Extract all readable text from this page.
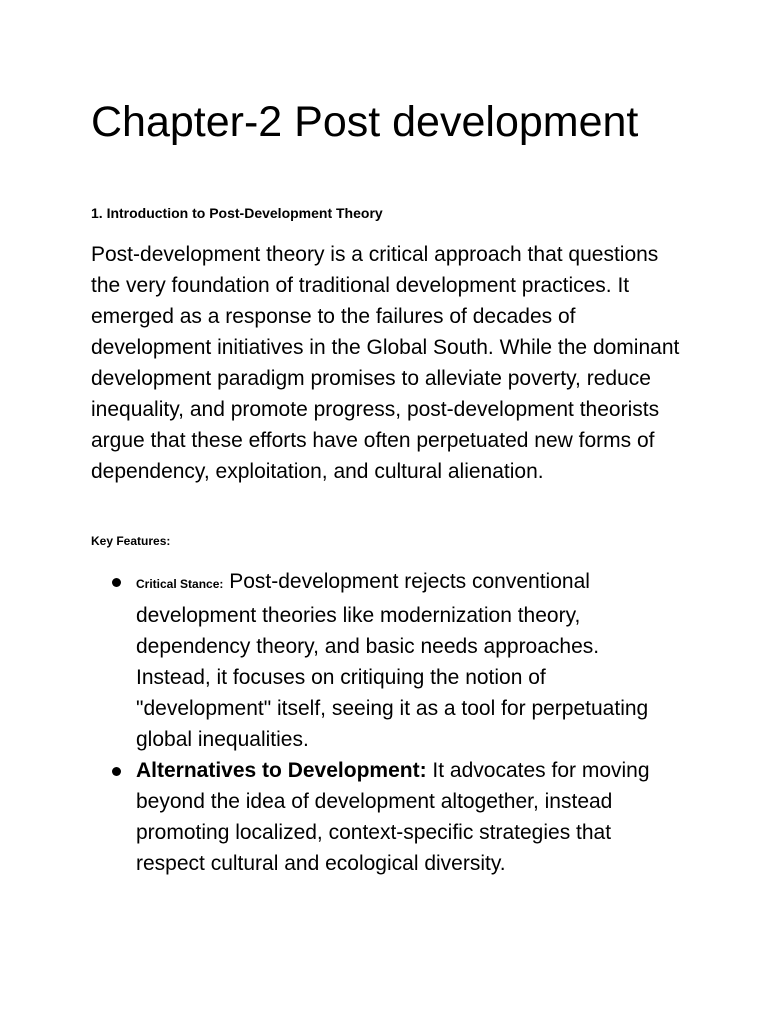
Chapter-2 Post development
1. Introduction to Post-Development Theory

Post-development theory is a critical approach that questions the very foundation of traditional development practices. It emerged as a response to the failures of decades of development initiatives in the Global South. While the dominant development paradigm promises to alleviate poverty, reduce inequality, and promote progress, post-development theorists argue that these efforts have often perpetuated new forms of dependency, exploitation, and cultural alienation.

Key Features:
Critical Stance: Post-development rejects conventional development theories like modernization theory, dependency theory, and basic needs approaches. Instead, it focuses on critiquing the notion of "development" itself, seeing it as a tool for perpetuating global inequalities.
Alternatives to Development: It advocates for moving beyond the idea of development altogether, instead promoting localized, context-specific strategies that respect cultural and ecological diversity.
